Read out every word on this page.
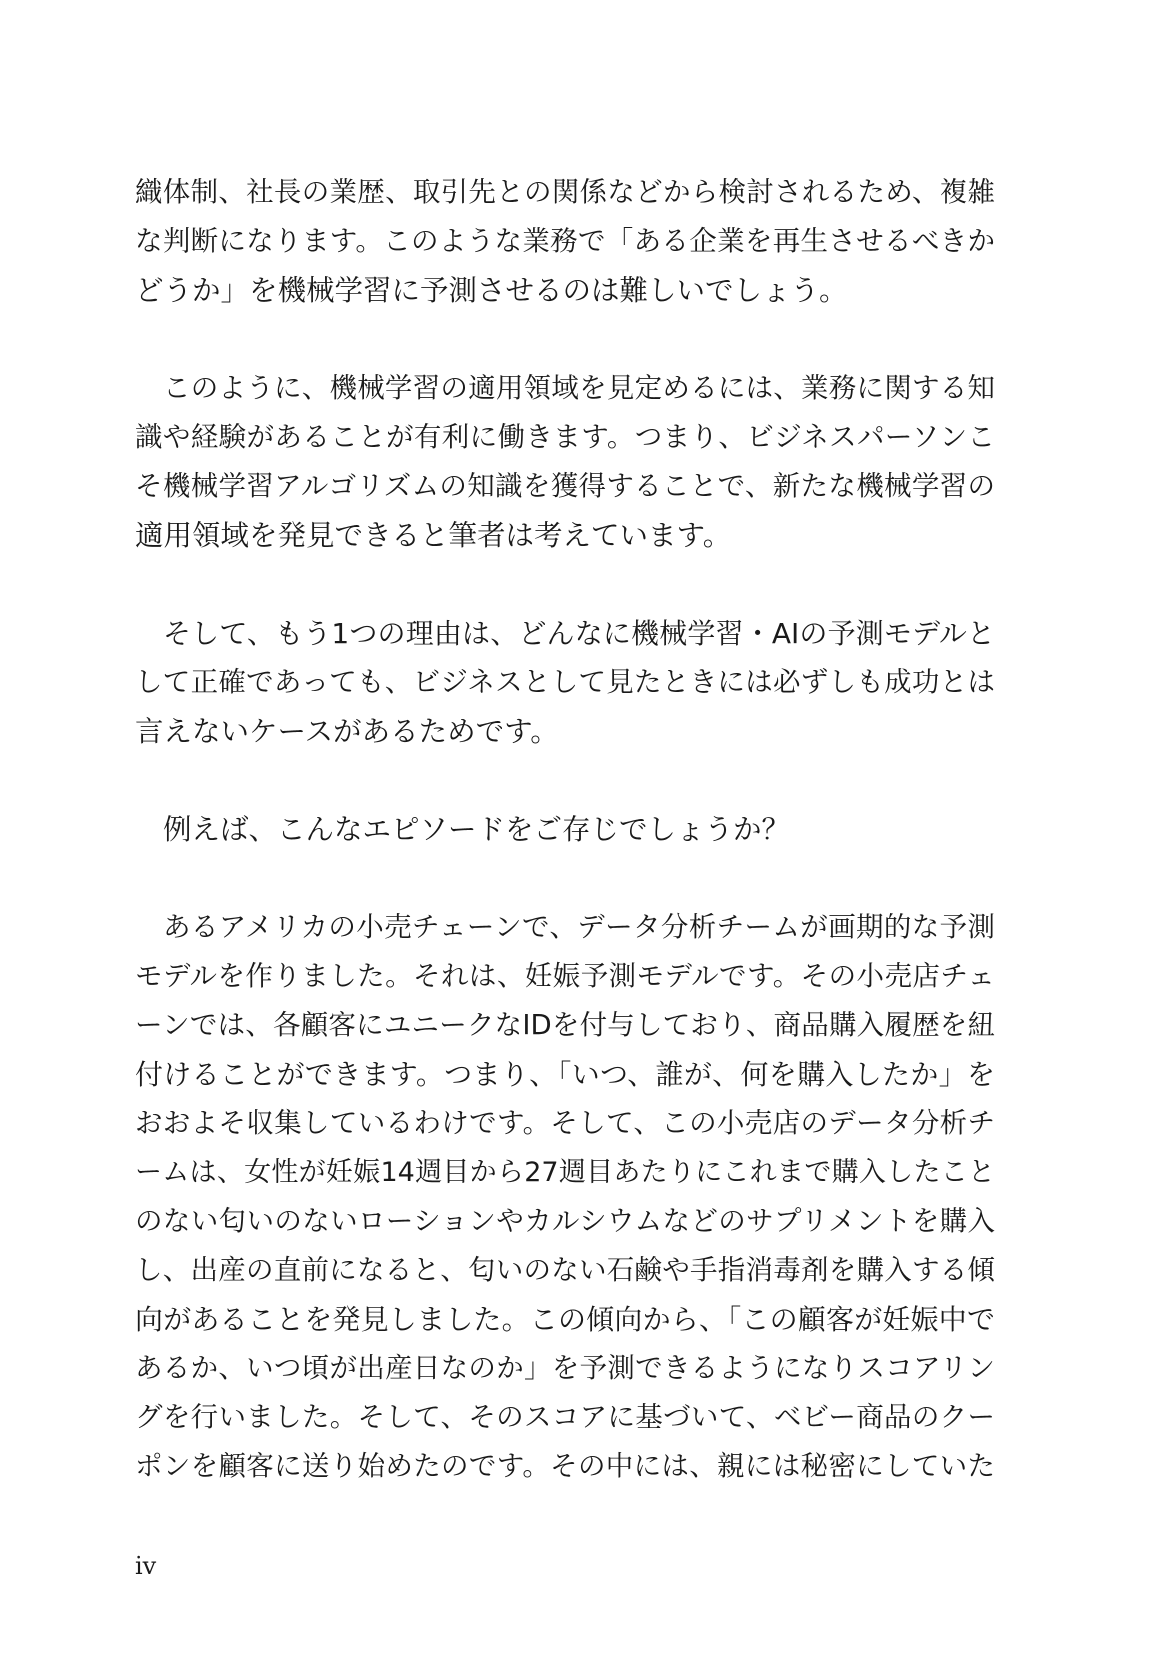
織体制、社長の業歴、取引先との関係などから検討されるため、複雑
な判断になります。このような業務で「ある企業を再生させるべきか
どうか」を機械学習に予測させるのは難しいでしょう。
このように、機械学習の適用領域を見定めるには、業務に関する知
識や経験があることが有利に働きます。つまり、ビジネスパーソンこ
そ機械学習アルゴリズムの知識を獲得することで、新たな機械学習の
適用領域を発見できると筆者は考えています。
そして、もう1つの理由は、どんなに機械学習・AIの予測モデルと
して正確であっても、ビジネスとして見たときには必ずしも成功とは
言えないケースがあるためです。
例えば、こんなエピソードをご存じでしょうか？
あるアメリカの小売チェーンで、データ分析チームが画期的な予測
モデルを作りました。それは、妊娠予測モデルです。その小売店チェ
ーンでは、各顧客にユニークなIDを付与しており、商品購入履歴を紐
付けることができます。つまり、「いつ、誰が、何を購入したか」を
おおよそ収集しているわけです。そして、この小売店のデータ分析チ
ームは、女性が妊娠14週目から27週目あたりにこれまで購入したこと
のない匂いのないローションやカルシウムなどのサプリメントを購入
し、出産の直前になると、匂いのない石鹸や手指消毒剤を購入する傾
向があることを発見しました。この傾向から、「この顧客が妊娠中で
あるか、いつ頃が出産日なのか」を予測できるようになりスコアリン
グを行いました。そして、そのスコアに基づいて、ベビー商品のクー
ポンを顧客に送り始めたのです。その中には、親には秘密にしていた
iv
